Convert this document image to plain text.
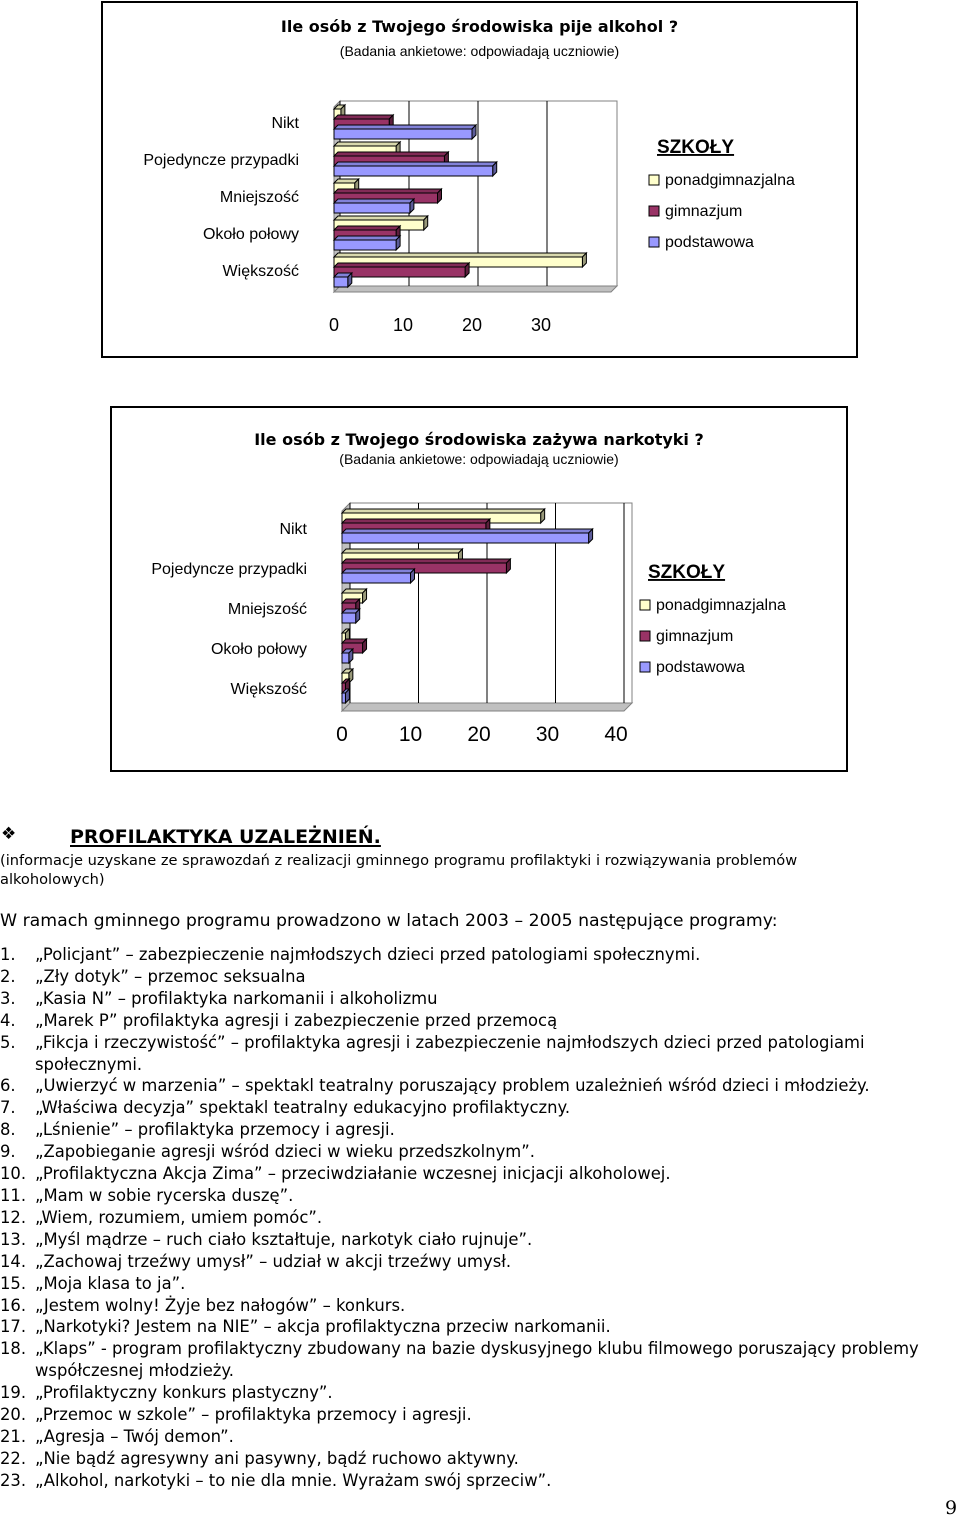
Ile osób z Twojego środowiska pije alkohol ?
(Badania ankietowe: odpowiadają uczniowie)
Nikt
Pojedyncze przypadki
Mniejszość
Około połowy
Większość
0	10	20	30
SZKOŁY
ponadgimnazjalna
gimnazjum
podstawowa
Ile osób z Twojego środowiska zażywa narkotyki ?
(Badania ankietowe: odpowiadają uczniowie)
Nikt
Pojedyncze przypadki
Mniejszość
Około połowy
Większość
0 10 20 30 40
SZKOŁY
ponadgimnazjalna
gimnazjum
podstawowa
❖	PROFILAKTYKA UZALEŻNIEŃ.
(informacje uzyskane ze sprawozdań z realizacji gminnego programu profilaktyki i rozwiązywania problemów alkoholowych)
W ramach gminnego programu prowadzono w latach 2003 – 2005 następujące programy:
1. „Policjant” – zabezpieczenie najmłodszych dzieci przed patologiami społecznymi.
2. „Zły dotyk” – przemoc seksualna
3. „Kasia N” – profilaktyka narkomanii i alkoholizmu
4. „Marek P” profilaktyka agresji i zabezpieczenie przed przemocą
5. „Fikcja i rzeczywistość” – profilaktyka agresji i zabezpieczenie najmłodszych dzieci przed patologiami społecznymi.
6. „Uwierzyć w marzenia” – spektakl teatralny poruszający problem uzależnień wśród dzieci i młodzieży.
7. „Właściwa decyzja” spektakl teatralny edukacyjno profilaktyczny.
8. „Lśnienie” – profilaktyka przemocy i agresji.
9. „Zapobieganie agresji wśród dzieci w wieku przedszkolnym”.
10. „Profilaktyczna Akcja Zima” – przeciwdziałanie wczesnej inicjacji alkoholowej.
11. „Mam w sobie rycerska duszę”.
12. „Wiem, rozumiem, umiem pomóc”.
13. „Myśl mądrze – ruch ciało kształtuje, narkotyk ciało rujnuje”.
14. „Zachowaj trzeźwy umysł” – udział w akcji trzeźwy umysł.
15. „Moja klasa to ja”.
16. „Jestem wolny! Żyje bez nałogów” – konkurs.
17. „Narkotyki? Jestem na NIE” – akcja profilaktyczna przeciw narkomanii.
18. „Klaps” - program profilaktyczny zbudowany na bazie dyskusyjnego klubu filmowego poruszający problemy współczesnej młodzieży.
19. „Profilaktyczny konkurs plastyczny”.
20. „Przemoc w szkole” – profilaktyka przemocy i agresji.
21. „Agresja – Twój demon”.
22. „Nie bądź agresywny ani pasywny, bądź ruchowo aktywny.
23. „Alkohol, narkotyki – to nie dla mnie. Wyrażam swój sprzeciw”.
9
